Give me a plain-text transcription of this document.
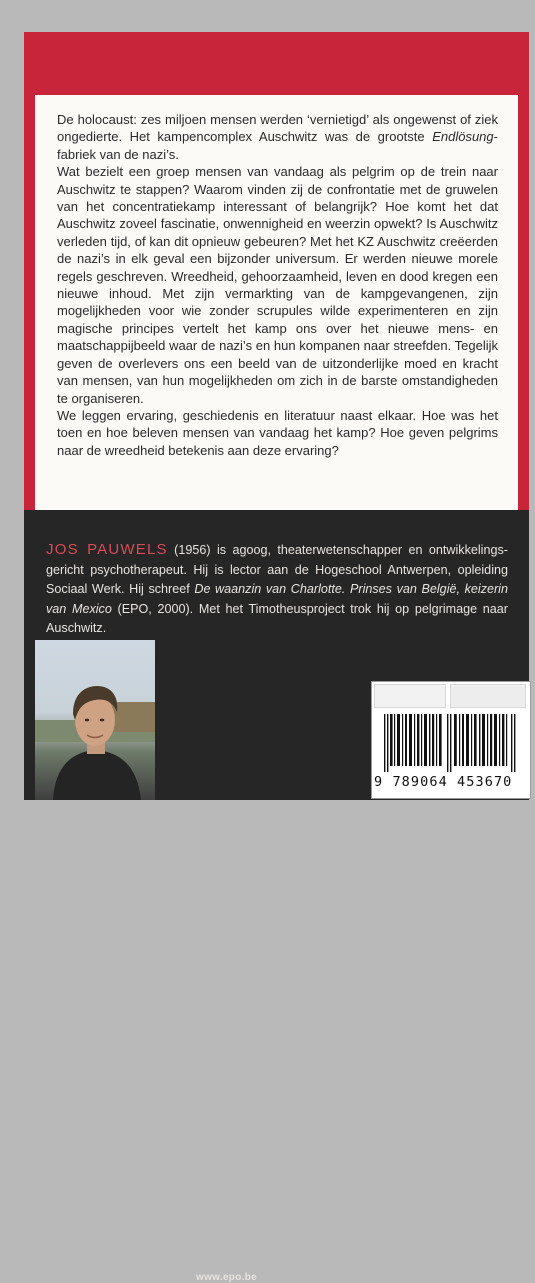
De holocaust: zes miljoen mensen werden ‘vernietigd’ als ongewenst of ziek ongedierte. Het kampencomplex Auschwitz was de grootste Endlösung-fabriek van de nazi’s.

Wat bezielt een groep mensen van vandaag als pelgrim op de trein naar Auschwitz te stappen? Waarom vinden zij de confrontatie met de gruwelen van het concentratiekamp interessant of belangrijk? Hoe komt het dat Auschwitz zoveel fascinatie, onwennigheid en weerzin opwekt? Is Auschwitz verleden tijd, of kan dit opnieuw gebeuren? Met het KZ Auschwitz creëerden de nazi’s in elk geval een bijzonder universum. Er werden nieuwe morele regels geschreven. Wreedheid, gehoorzaamheid, leven en dood kregen een nieuwe inhoud. Met zijn vermarkting van de kampgevangenen, zijn mogelijkheden voor wie zonder scrupules wilde experimenteren en zijn magische principes vertelt het kamp ons over het nieuwe mens- en maatschappijbeeld waar de nazi’s en hun kompanen naar streefden. Tegelijk geven de overlevers ons een beeld van de uitzonderlijke moed en kracht van mensen, van hun mogelijkheden om zich in de barste omstandigheden te organiseren.

We leggen ervaring, geschiedenis en literatuur naast elkaar. Hoe was het toen en hoe beleven mensen van vandaag het kamp? Hoe geven pelgrims naar de wreedheid betekenis aan deze ervaring?

JOS PAUWELS (1956) is agoog, theaterwetenschapper en ontwikkelingsgericht psychotherapeut. Hij is lector aan de Hogeschool Antwerpen, opleiding Sociaal Werk. Hij schreef De waanzin van Charlotte. Prinses van België, keizerin van Mexico (EPO, 2000). Met het Timotheusproject trok hij op pelgrimage naar Auschwitz.
www.epo.be
9 789064 453670
